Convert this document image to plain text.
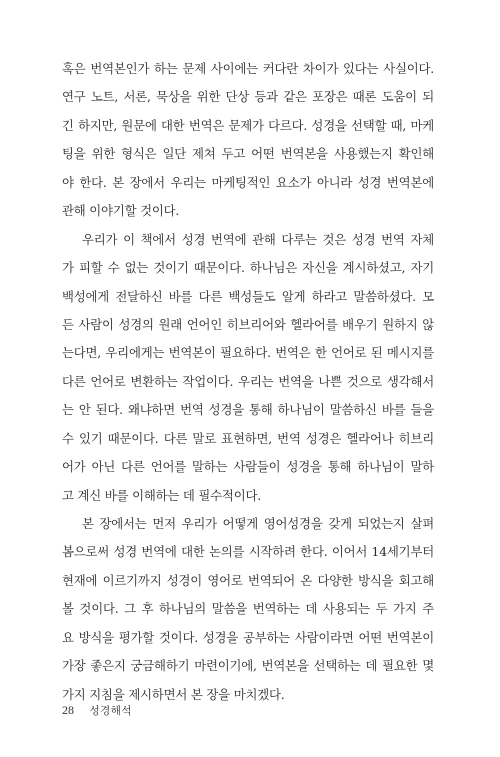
혹은 번역본인가 하는 문제 사이에는 커다란 차이가 있다는 사실이다.
연구 노트, 서론, 묵상을 위한 단상 등과 같은 포장은 때론 도움이 되
긴 하지만, 원문에 대한 번역은 문제가 다르다. 성경을 선택할 때, 마케
팅을 위한 형식은 일단 제쳐 두고 어떤 번역본을 사용했는지 확인해
야 한다. 본 장에서 우리는 마케팅적인 요소가 아니라 성경 번역본에
관해 이야기할 것이다.
우리가 이 책에서 성경 번역에 관해 다루는 것은 성경 번역 자체
가 피할 수 없는 것이기 때문이다. 하나님은 자신을 계시하셨고, 자기
백성에게 전달하신 바를 다른 백성들도 알게 하라고 말씀하셨다. 모
든 사람이 성경의 원래 언어인 히브리어와 헬라어를 배우기 원하지 않
는다면, 우리에게는 번역본이 필요하다. 번역은 한 언어로 된 메시지를
다른 언어로 변환하는 작업이다. 우리는 번역을 나쁜 것으로 생각해서
는 안 된다. 왜냐하면 번역 성경을 통해 하나님이 말씀하신 바를 들을
수 있기 때문이다. 다른 말로 표현하면, 번역 성경은 헬라어나 히브리
어가 아닌 다른 언어를 말하는 사람들이 성경을 통해 하나님이 말하
고 계신 바를 이해하는 데 필수적이다.
본 장에서는 먼저 우리가 어떻게 영어성경을 갖게 되었는지 살펴
봄으로써 성경 번역에 대한 논의를 시작하려 한다. 이어서 14세기부터
현재에 이르기까지 성경이 영어로 번역되어 온 다양한 방식을 회고해
볼 것이다. 그 후 하나님의 말씀을 번역하는 데 사용되는 두 가지 주
요 방식을 평가할 것이다. 성경을 공부하는 사람이라면 어떤 번역본이
가장 좋은지 궁금해하기 마련이기에, 번역본을 선택하는 데 필요한 몇
가지 지침을 제시하면서 본 장을 마치겠다.
28 성경해석
